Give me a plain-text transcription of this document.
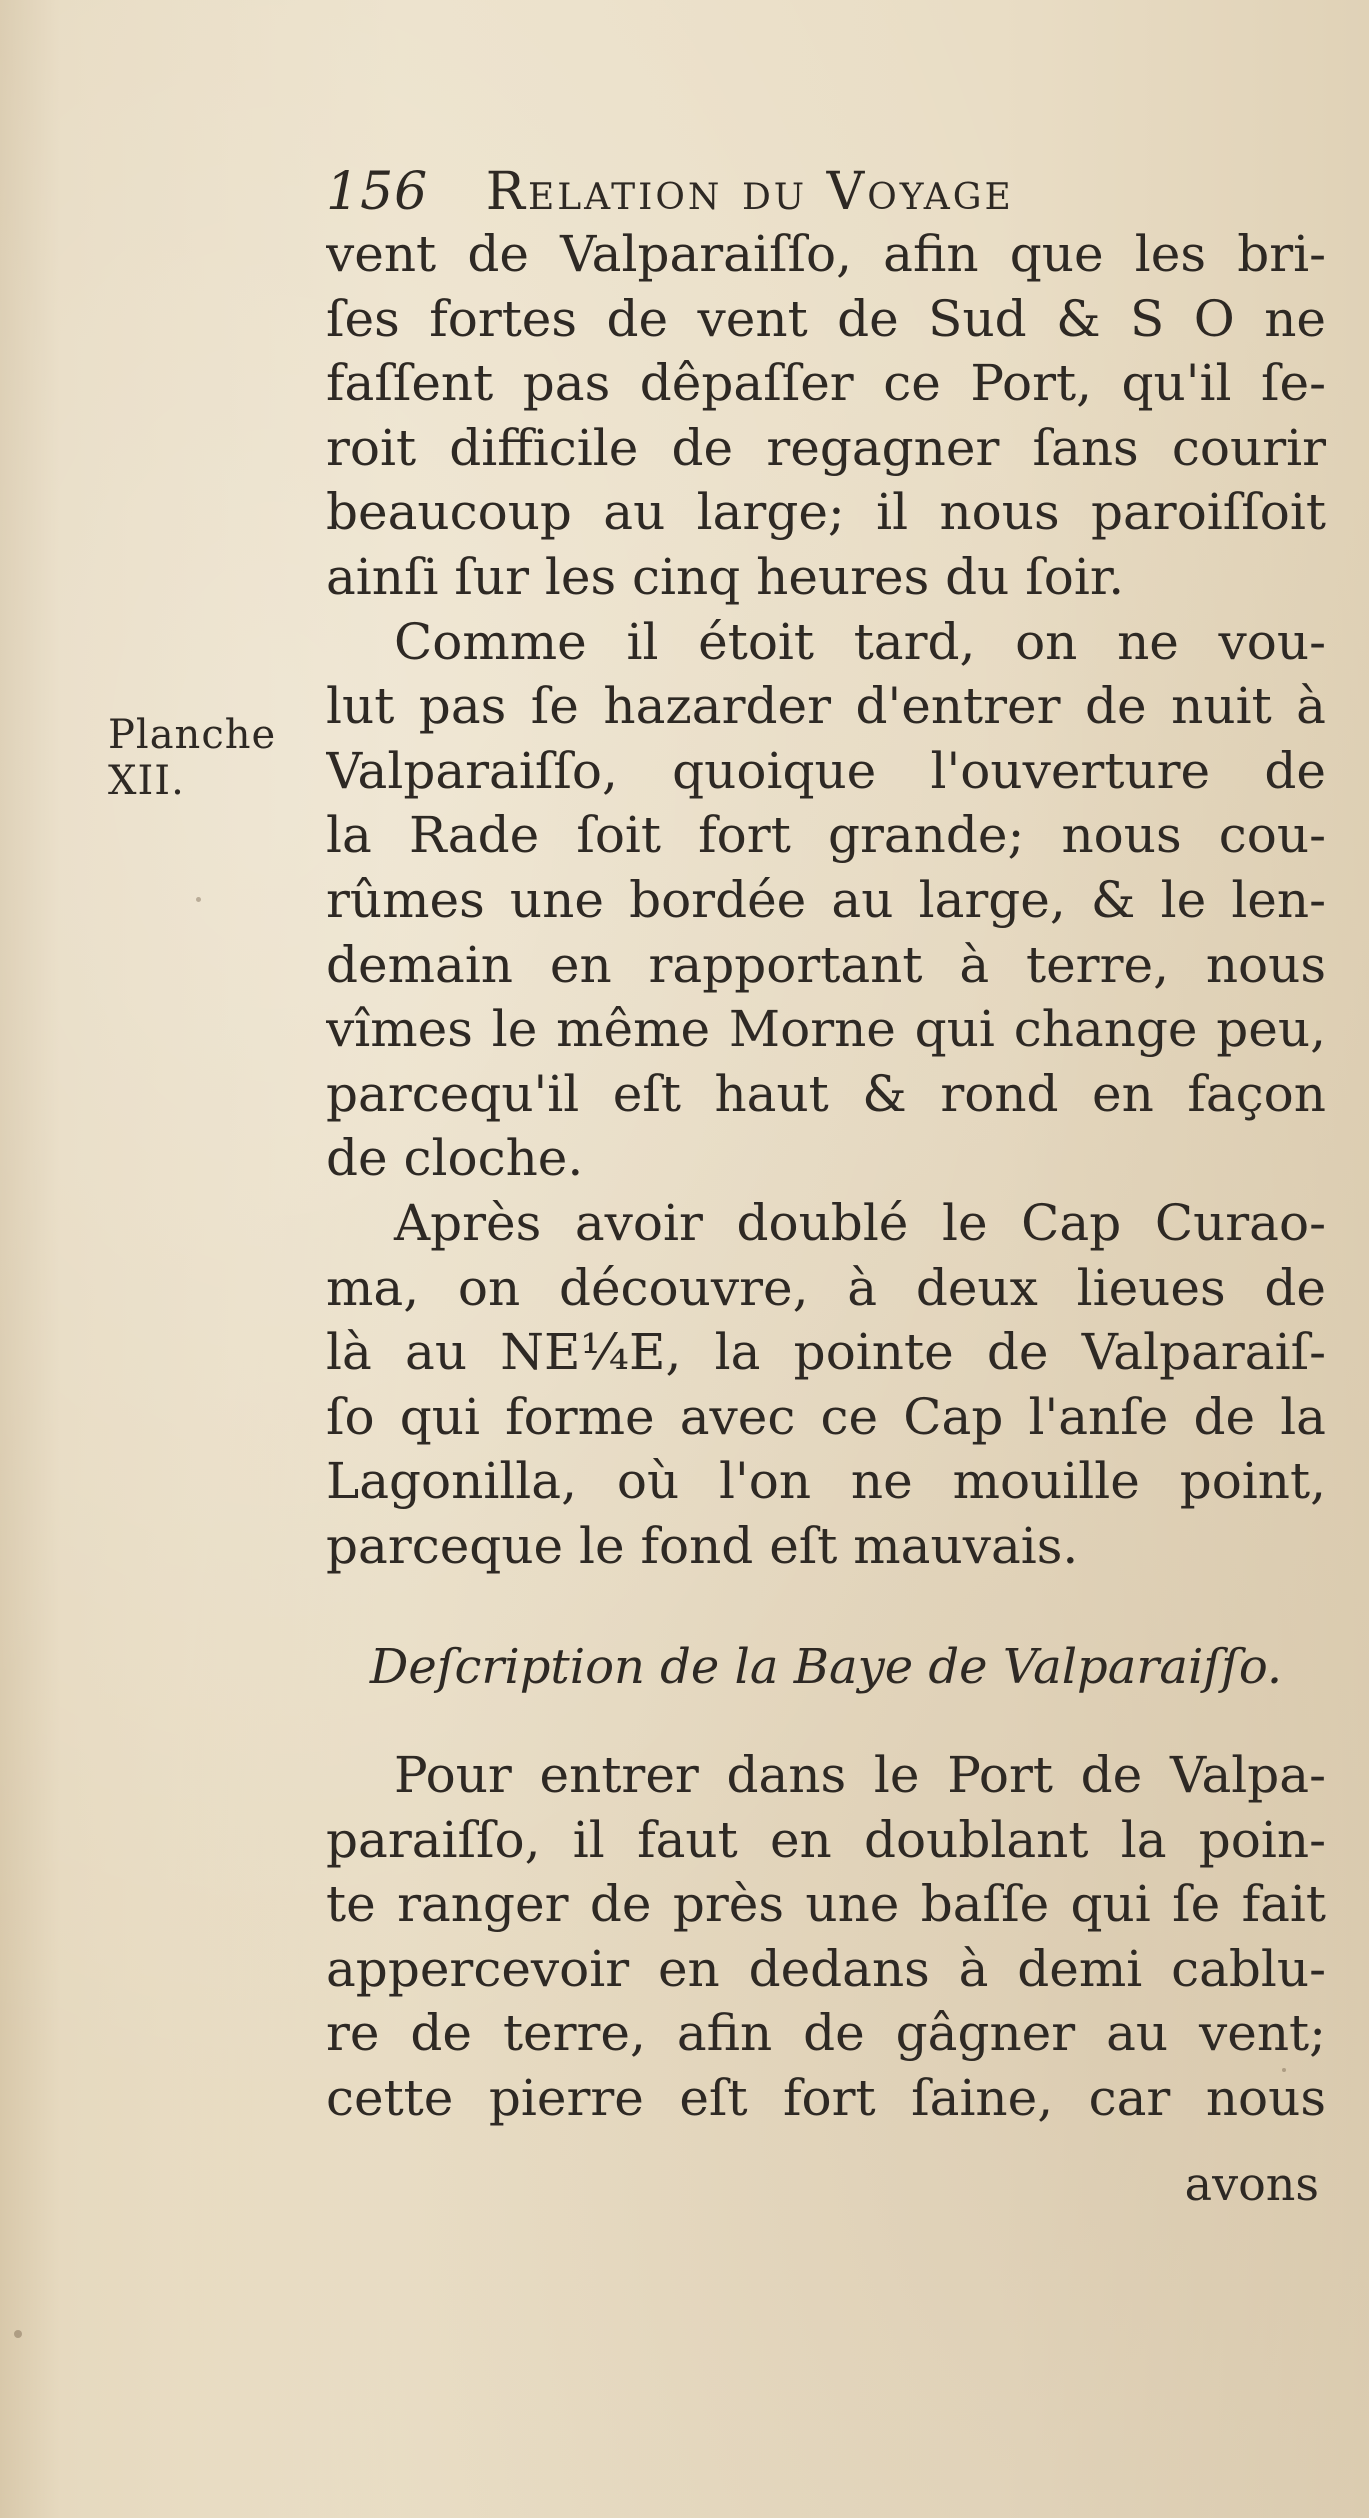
156 Relation du Voyage
Planche
XII.
vent de Valparaiſſo, afin que les bri-
ſes fortes de vent de Sud & S O ne
faſſent pas dêpaſſer ce Port, qu'il ſe-
roit difficile de regagner ſans courir
beaucoup au large; il nous paroiſſoit
ainſi ſur les cinq heures du ſoir.
Comme il étoit tard, on ne vou-
lut pas ſe hazarder d'entrer de nuit à
Valparaiſſo, quoique l'ouverture de
la Rade ſoit fort grande; nous cou-
rûmes une bordée au large, & le len-
demain en rapportant à terre, nous
vîmes le même Morne qui change peu,
parcequ'il eſt haut & rond en façon
de cloche.
Après avoir doublé le Cap Curao-
ma, on découvre, à deux lieues de
là au NE¼E, la pointe de Valparaiſ-
ſo qui forme avec ce Cap l'anſe de la
Lagonilla, où l'on ne mouille point,
parceque le fond eſt mauvais.
Deſcription de la Baye de Valparaiſſo.
Pour entrer dans le Port de Valpa-
paraiſſo, il faut en doublant la poin-
te ranger de près une baſſe qui ſe fait
appercevoir en dedans à demi cablu-
re de terre, afin de gâgner au vent;
cette pierre eſt fort ſaine, car nous
avons
